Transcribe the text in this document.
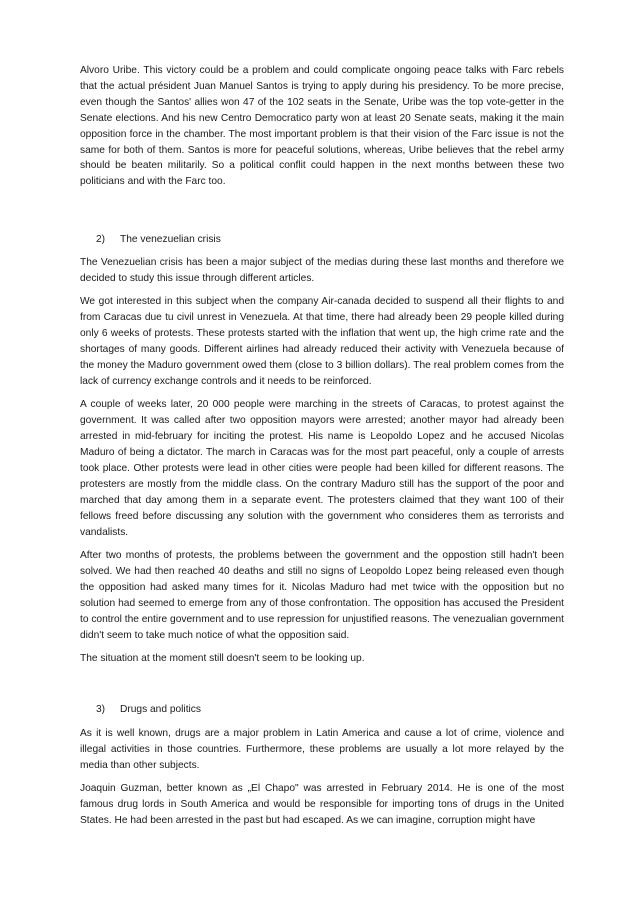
Alvoro Uribe. This victory could be a problem and could complicate ongoing peace talks with Farc rebels that the actual président Juan Manuel Santos is trying to apply during his presidency. To be more precise, even though the Santos' allies won 47 of the 102 seats in the Senate, Uribe was the top vote-getter in the Senate elections. And his new Centro Democratico party won at least 20 Senate seats, making it the main opposition force in the chamber. The most important problem is that their vision of the Farc issue is not the same for both of them. Santos is more for peaceful solutions, whereas, Uribe believes that the rebel army should be beaten militarily. So a political conflit could happen in the next months between these two politicians and with the Farc too.

2)	The venezuelian crisis

The Venezuelian crisis has been a major subject of the medias during these last months and therefore we decided to study this issue through different articles.

We got interested in this subject when the company Air-canada decided to suspend all their flights to and from Caracas due tu civil unrest in Venezuela. At that time, there had already been 29 people killed during only 6 weeks of protests. These protests started with the inflation that went up, the high crime rate and the shortages of many goods. Different airlines had already reduced their activity with Venezuela because of the money the Maduro government owed them (close to 3 billion dollars). The real problem comes from the lack of currency exchange controls and it needs to be reinforced.

A couple of weeks later, 20 000 people were marching in the streets of Caracas, to protest against the government. It was called after two opposition mayors were arrested; another mayor had already been arrested in mid-february for inciting the protest. His name is Leopoldo Lopez and he accused Nicolas Maduro of being a dictator. The march in Caracas was for the most part peaceful, only a couple of arrests took place. Other protests were lead in other cities were people had been killed for different reasons. The protesters are mostly from the middle class. On the contrary Maduro still has the support of the poor and marched that day among them in a separate event. The protesters claimed that they want 100 of their fellows freed before discussing any solution with the government who consideres them as terrorists and vandalists.

After two months of protests, the problems between the government and the oppostion still hadn't been solved. We had then reached 40 deaths and still no signs of Leopoldo Lopez being released even though the opposition had asked many times for it. Nicolas Maduro had met twice with the opposition but no solution had seemed to emerge from any of those confrontation. The opposition has accused the President to control the entire government and to use repression for unjustified reasons. The venezualian government didn't seem to take much notice of what the opposition said.

The situation at the moment still doesn't seem to be looking up.

3)	Drugs and politics

As it is well known, drugs are a major problem in Latin America and cause a lot of crime, violence and illegal activities in those countries. Furthermore, these problems are usually a lot more relayed by the media than other subjects.

Joaquin Guzman, better known as „El Chapo" was arrested in February 2014. He is one of the most famous drug lords in South America and would be responsible for importing tons of drugs in the United States. He had been arrested in the past but had escaped. As we can imagine, corruption might have
